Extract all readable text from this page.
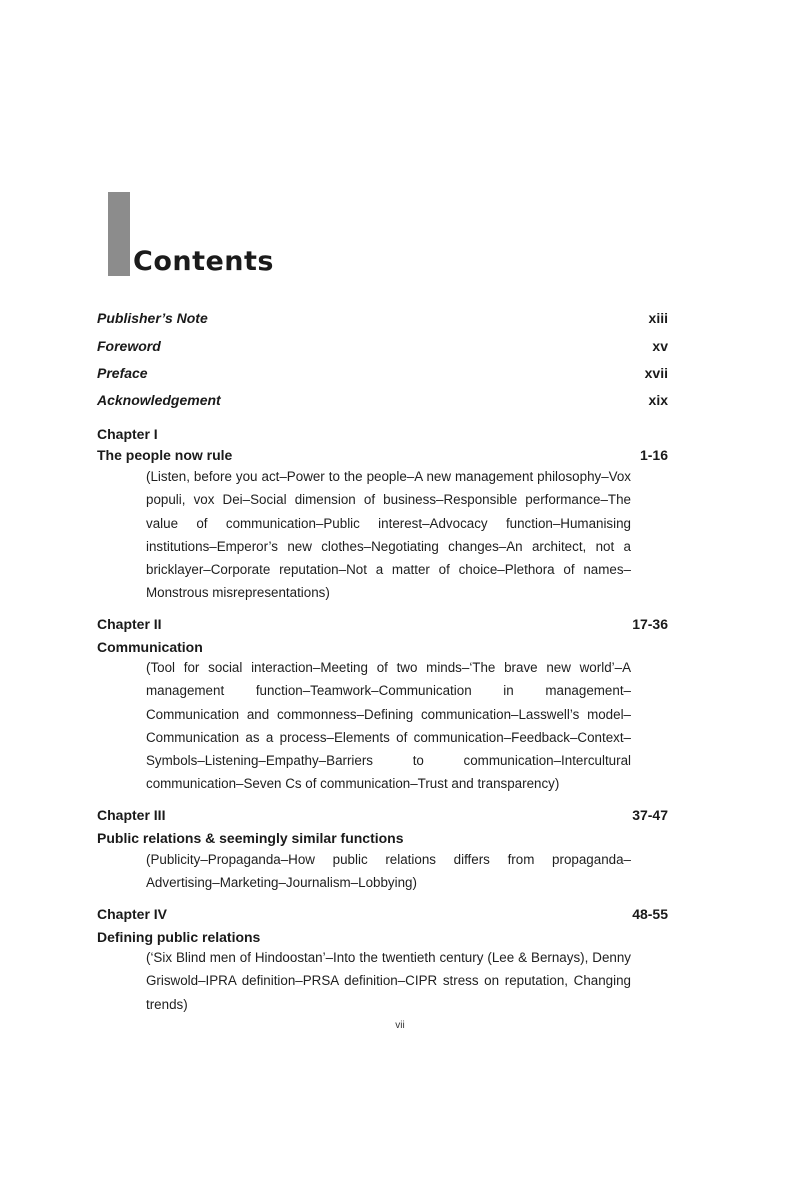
Contents
Publisher’s Note	xiii
Foreword	xv
Preface	xvii
Acknowledgement	xix
Chapter I
The people now rule	1-16
(Listen, before you act–Power to the people–A new management philosophy–Vox populi, vox Dei–Social dimension of business–Responsible performance–The value of communication–Public interest–Advocacy function–Humanising institutions–Emperor’s new clothes–Negotiating changes–An architect, not a bricklayer–Corporate reputation–Not a matter of choice–Plethora of names–Monstrous misrepresentations)
Chapter II	17-36
Communication
(Tool for social interaction–Meeting of two minds–‘The brave new world’–A management function–Teamwork–Communication in management–Communication and commonness–Defining communication–Lasswell’s model–Communication as a process–Elements of communication–Feedback–Context–Symbols–Listening–Empathy–Barriers to communication–Intercultural communication–Seven Cs of communication–Trust and transparency)
Chapter III	37-47
Public relations & seemingly similar functions
(Publicity–Propaganda–How public relations differs from propaganda–Advertising–Marketing–Journalism–Lobbying)
Chapter IV	48-55
Defining public relations
(‘Six Blind men of Hindoostan’–Into the twentieth century (Lee & Bernays), Denny Griswold–IPRA definition–PRSA definition–CIPR stress on reputation, Changing trends)
vii
